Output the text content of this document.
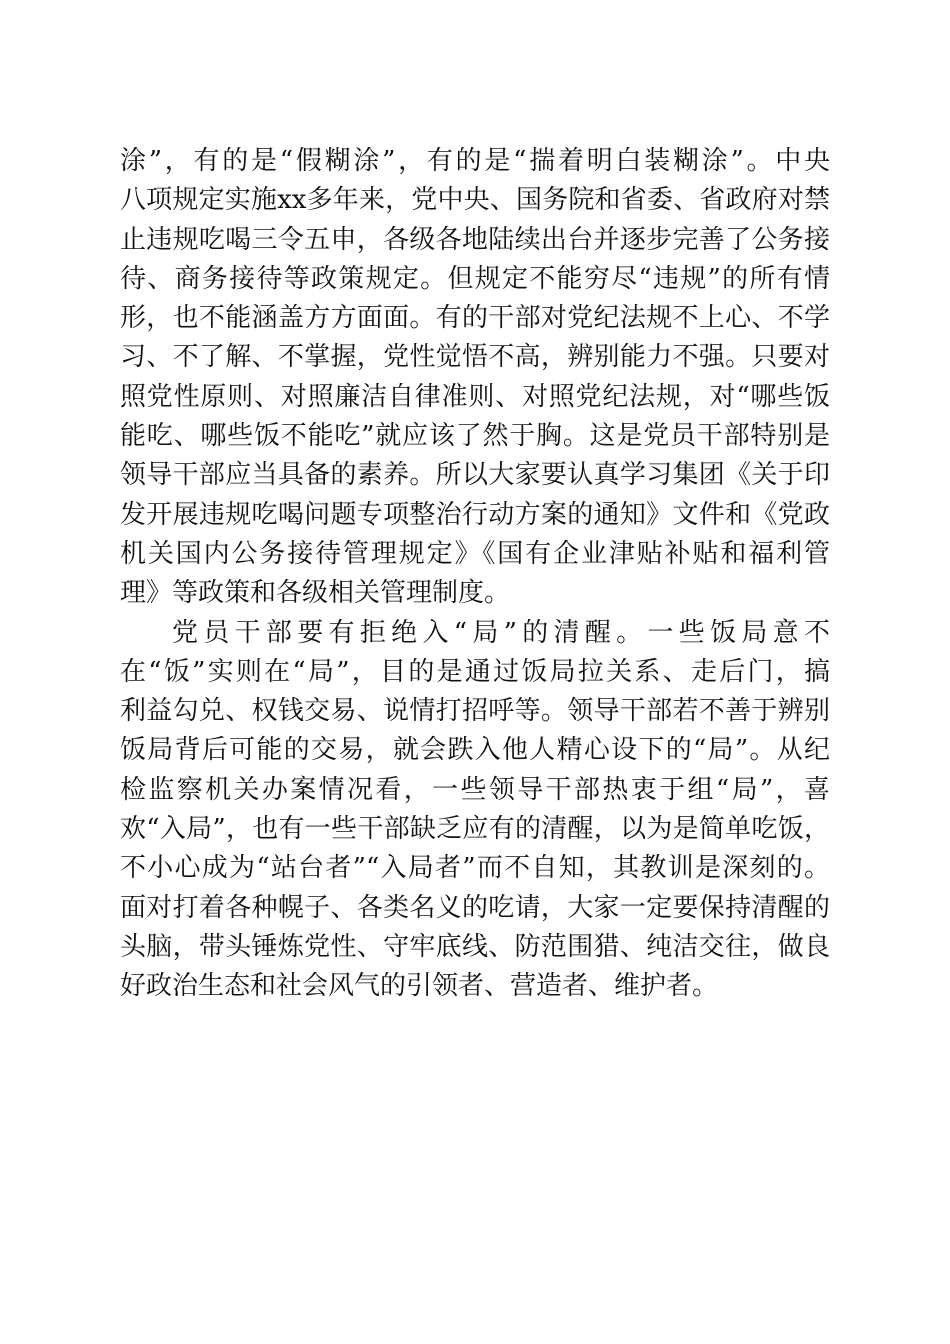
涂”，有的是“假糊涂”，有的是“揣着明白装糊涂”。中央
八项规定实施xx多年来，党中央、国务院和省委、省政府对禁
止违规吃喝三令五申，各级各地陆续出台并逐步完善了公务接
待、商务接待等政策规定。但规定不能穷尽“违规”的所有情
形，也不能涵盖方方面面。有的干部对党纪法规不上心、不学
习、不了解、不掌握，党性觉悟不高，辨别能力不强。只要对
照党性原则、对照廉洁自律准则、对照党纪法规，对“哪些饭
能吃、哪些饭不能吃”就应该了然于胸。这是党员干部特别是
领导干部应当具备的素养。所以大家要认真学习集团《关于印
发开展违规吃喝问题专项整治行动方案的通知》文件和《党政
机关国内公务接待管理规定》《国有企业津贴补贴和福利管
理》等政策和各级相关管理制度。
党员干部要有拒绝入“局”的清醒。一些饭局意不
在“饭”实则在“局”，目的是通过饭局拉关系、走后门，搞
利益勾兑、权钱交易、说情打招呼等。领导干部若不善于辨别
饭局背后可能的交易，就会跌入他人精心设下的“局”。从纪
检监察机关办案情况看，一些领导干部热衷于组“局”，喜
欢“入局”，也有一些干部缺乏应有的清醒，以为是简单吃饭，
不小心成为“站台者”“入局者”而不自知，其教训是深刻的。
面对打着各种幌子、各类名义的吃请，大家一定要保持清醒的
头脑，带头锤炼党性、守牢底线、防范围猎、纯洁交往，做良
好政治生态和社会风气的引领者、营造者、维护者。
